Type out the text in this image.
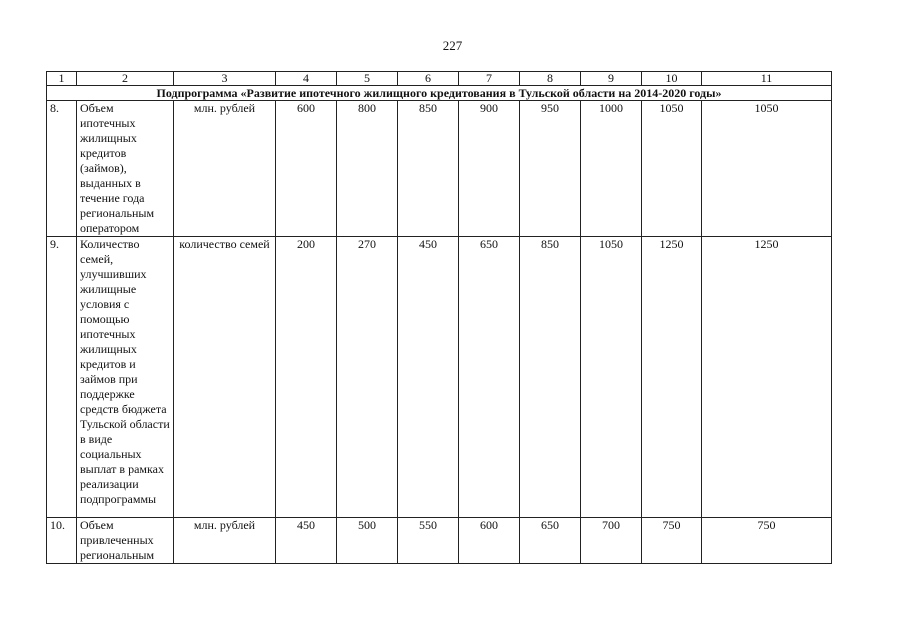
227
1	2	3	4	5	6	7	8	9	10	11
Подпрограмма «Развитие ипотечного жилищного кредитования в Тульской области на 2014-2020 годы»										
8.	Объем ипотечных жилищных кредитов (займов), выданных в течение года региональным оператором	млн. рублей	600	800	850	900	950	1000	1050	1050
9.	Количество семей, улучшивших жилищные условия с помощью ипотечных жилищных кредитов и займов при поддержке средств бюджета Тульской области в виде социальных выплат в рамках реализации подпрограммы	количество семей	200	270	450	650	850	1050	1250	1250
10.	Объем привлеченных региональным	млн. рублей	450	500	550	600	650	700	750	750
